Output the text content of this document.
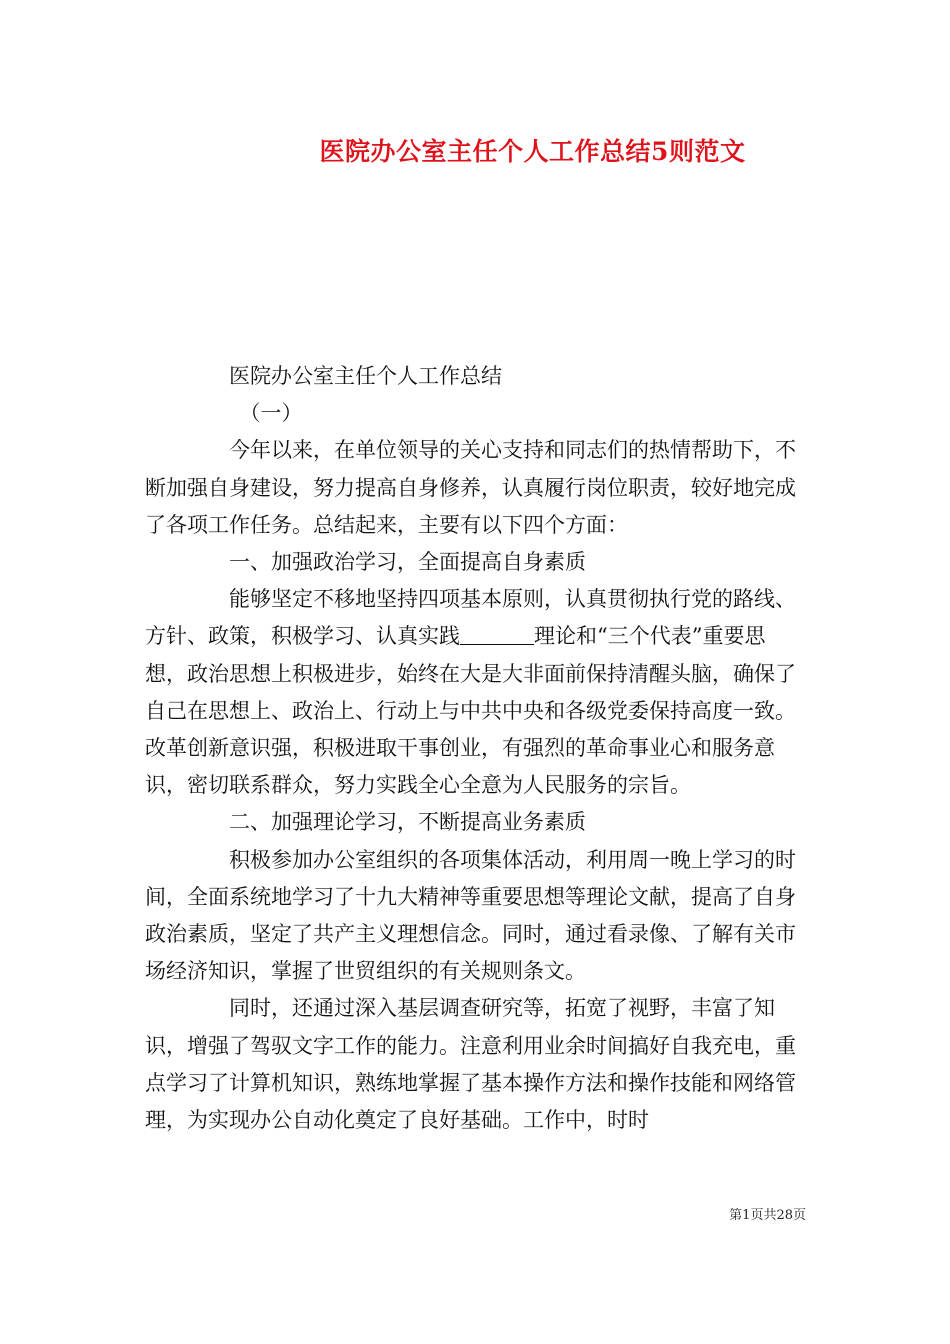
医院办公室主任个人工作总结5则范文

医院办公室主任个人工作总结

（一）

今年以来，在单位领导的关心支持和同志们的热情帮助下，不断加强自身建设，努力提高自身修养，认真履行岗位职责，较好地完成了各项工作任务。总结起来，主要有以下四个方面：

一、加强政治学习，全面提高自身素质

能够坚定不移地坚持四项基本原则，认真贯彻执行党的路线、方针、政策，积极学习、认真实践	理论和“三个代表”重要思想，政治思想上积极进步，始终在大是大非面前保持清醒头脑，确保了自己在思想上、政治上、行动上与中共中央和各级党委保持高度一致。改革创新意识强，积极进取干事创业，有强烈的革命事业心和服务意识，密切联系群众，努力实践全心全意为人民服务的宗旨。

二、加强理论学习，不断提高业务素质

积极参加办公室组织的各项集体活动，利用周一晚上学习的时间，全面系统地学习了十九大精神等重要思想等理论文献，提高了自身政治素质，坚定了共产主义理想信念。同时，通过看录像、了解有关市场经济知识，掌握了世贸组织的有关规则条文。

同时，还通过深入基层调查研究等，拓宽了视野，丰富了知识，增强了驾驭文字工作的能力。注意利用业余时间搞好自我充电，重点学习了计算机知识，熟练地掌握了基本操作方法和操作技能和网络管理，为实现办公自动化奠定了良好基础。工作中，时时

第1页共28页
